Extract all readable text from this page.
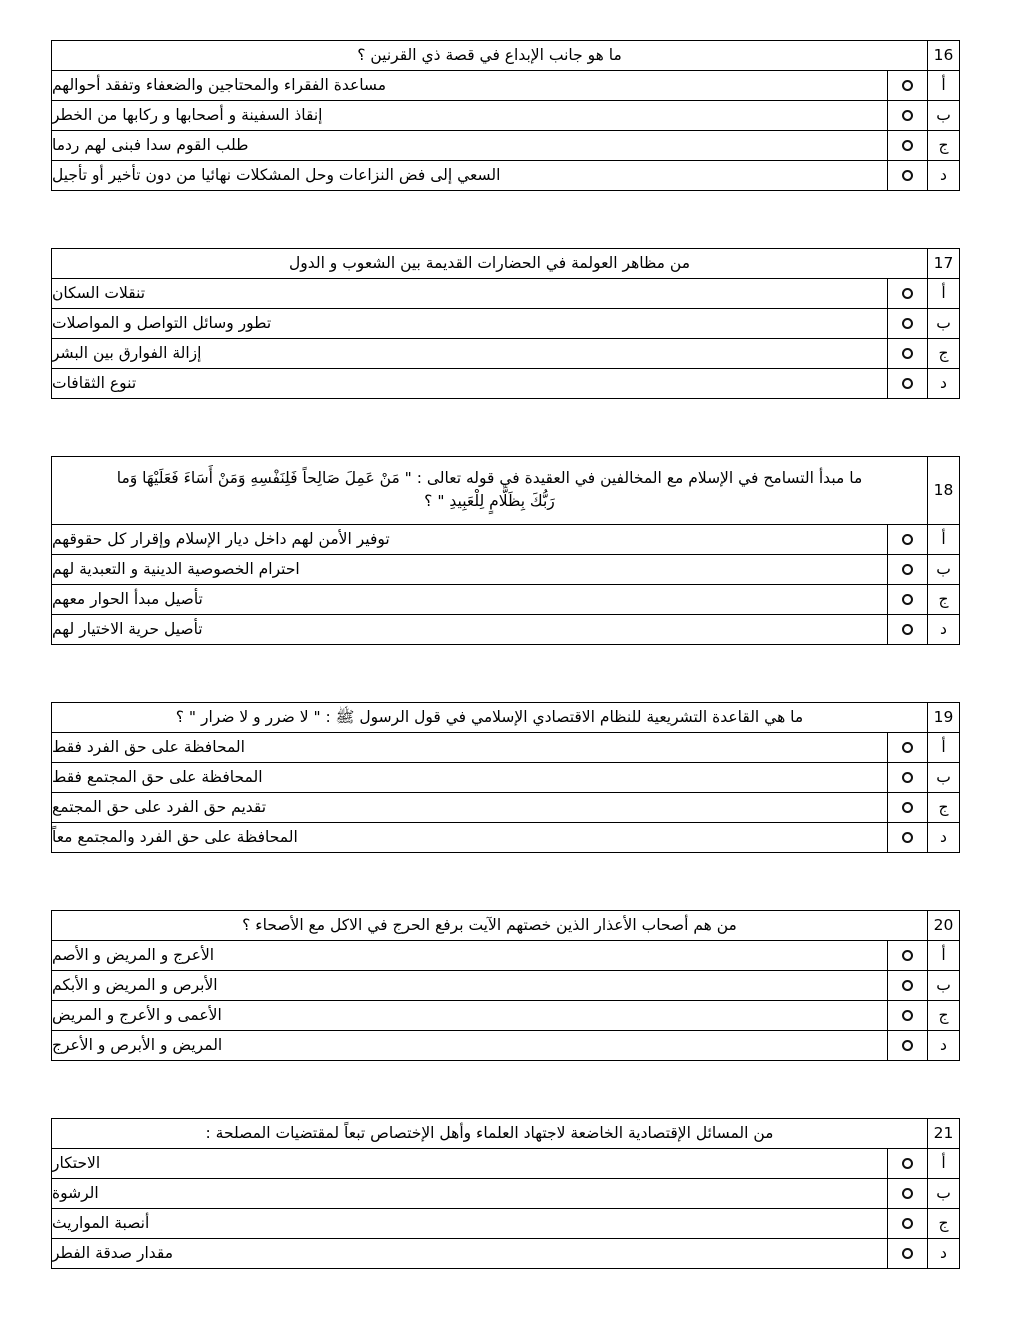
16	ما هو جانب الإبداع في قصة ذي القرنين ؟	
أ		مساعدة الفقراء والمحتاجين والضعفاء وتفقد أحوالهم
ب		إنقاذ السفينة و أصحابها و ركابها من الخطر
ج		طلب القوم سدا فبنى لهم ردما
د		السعي إلى فض النزاعات وحل المشكلات نهائيا من دون تأخير أو تأجيل
17	من مظاهر العولمة في الحضارات القديمة بين الشعوب و الدول	
أ		تنقلات السكان
ب		تطور وسائل التواصل و المواصلات
ج		إزالة الفوارق بين البشر
د		تنوع الثقافات
18	ما مبدأ التسامح في الإسلام مع المخالفين في العقيدة في قوله تعالى : " مَنْ عَمِلَ صَالِحاً فَلِنَفْسِهِ وَمَنْ أَسَاءَ فَعَلَيْهَا وَما
رَبُّكَ بِظَلَّامٍ لِلْعَبِيدِ " ؟	

أ		توفير الأمن لهم داخل ديار الإسلام وإقرار كل حقوقهم
ب		احترام الخصوصية الدينية و التعبدية لهم
ج		تأصيل مبدأ الحوار معهم
د		تأصيل حرية الاختيار لهم
19	ما هي القاعدة التشريعية للنظام الاقتصادي الإسلامي في قول الرسول ﷺ : " لا ضرر و لا ضرار " ؟	
أ		المحافظة على حق الفرد فقط
ب		المحافظة على حق المجتمع فقط
ج		تقديم حق الفرد على حق المجتمع
د		المحافظة على حق الفرد والمجتمع معاً
20	من هم أصحاب الأعذار الذين خصتهم الآيت برفع الحرج في الاكل مع الأصحاء ؟	
أ		الأعرج و المريض و الأصم
ب		الأبرص و المريض و الأبكم
ج		الأعمى و الأعرج و المريض
د		المريض و الأبرص و الأعرج
21	من المسائل الإقتصادية الخاضعة لاجتهاد العلماء وأهل الإختصاص تبعاً لمقتضيات المصلحة :	
أ		الاحتكار
ب		الرشوة
ج		أنصبة المواريث
د		مقدار صدقة الفطر
